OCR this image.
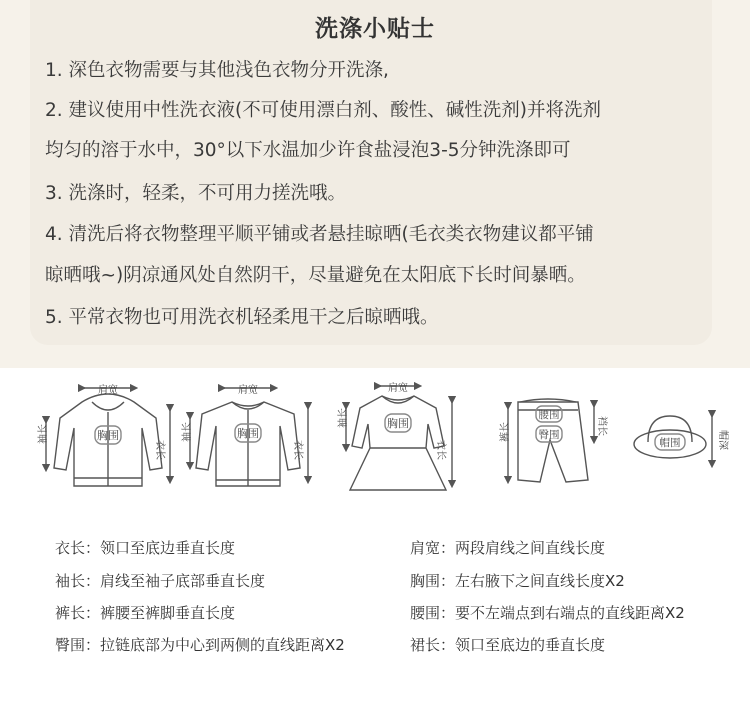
洗涤小贴士
1. 深色衣物需要与其他浅色衣物分开洗涤,
2. 建议使用中性洗衣液(不可使用漂白剂、酸性、碱性洗剂)并将洗剂
均匀的溶于水中，30°以下水温加少许食盐浸泡3-5分钟洗涤即可
3. 洗涤时，轻柔，不可用力搓洗哦。
4. 清洗后将衣物整理平顺平铺或者悬挂晾晒(毛衣类衣物建议都平铺
晾晒哦~)阴凉通风处自然阴干，尽量避免在太阳底下长时间暴晒。
5. 平常衣物也可用洗衣机轻柔甩干之后晾晒哦。
肩宽
胸围
衣长
袖长
肩宽
胸围
衣长
袖长
肩宽
胸围
衣长
袖长	腰围
臀围
裤长	裆长
帽围	帽深
衣长：领口至底边垂直长度	肩宽：两段肩线之间直线长度
袖长：肩线至袖子底部垂直长度	胸围：左右腋下之间直线长度X2
裤长：裤腰至裤脚垂直长度	腰围：要不左端点到右端点的直线距离X2
臀围：拉链底部为中心到两侧的直线距离X2	裙长：领口至底边的垂直长度
